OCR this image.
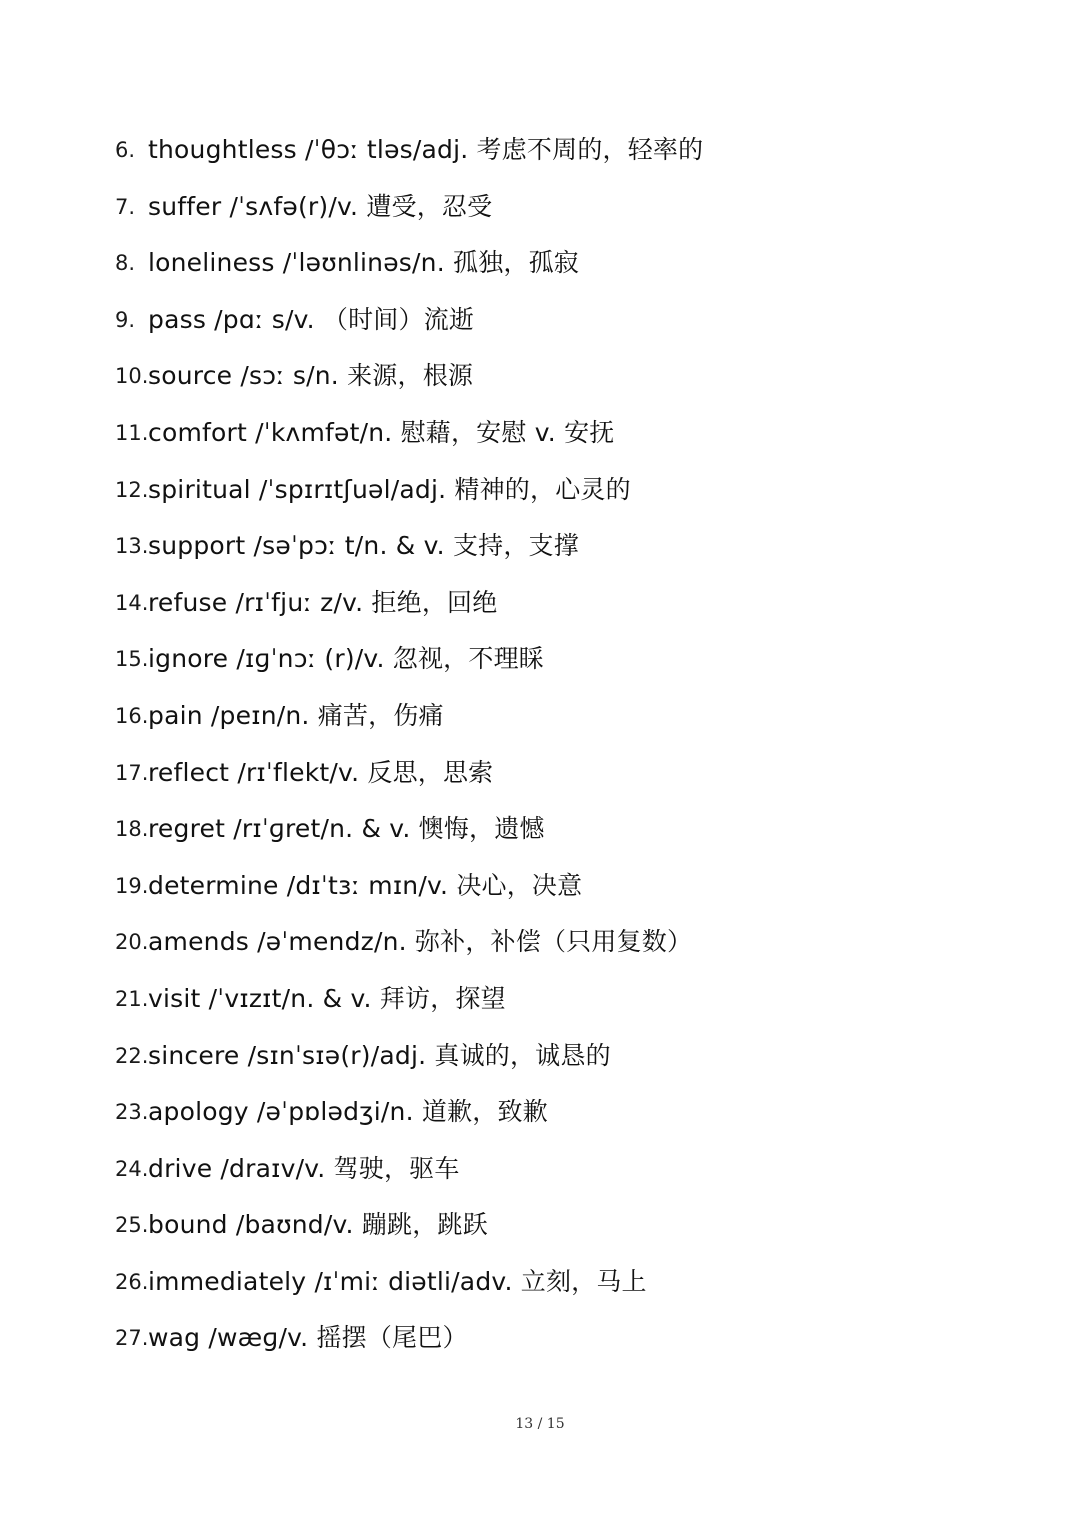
6. thoughtless /ˈθɔː tləs/adj. 考虑不周的，轻率的
7. suffer /ˈsʌfə(r)/v. 遭受，忍受
8. loneliness /ˈləʊnlinəs/n. 孤独，孤寂
9. pass /pɑː s/v. （时间）流逝
10. source /sɔː s/n. 来源，根源
11. comfort /ˈkʌmfət/n. 慰藉，安慰 v. 安抚
12. spiritual /ˈspɪrɪtʃuəl/adj. 精神的，心灵的
13. support /səˈpɔː t/n. & v. 支持，支撑
14. refuse /rɪˈfjuː z/v. 拒绝，回绝
15. ignore /ɪɡˈnɔː (r)/v. 忽视，不理睬
16. pain /peɪn/n. 痛苦，伤痛
17. reflect /rɪˈflekt/v. 反思，思索
18. regret /rɪˈɡret/n. & v. 懊悔，遗憾
19. determine /dɪˈtɜː mɪn/v. 决心，决意
20. amends /əˈmendz/n. 弥补，补偿（只用复数）
21. visit /ˈvɪzɪt/n. & v. 拜访，探望
22. sincere /sɪnˈsɪə(r)/adj. 真诚的，诚恳的
23. apology /əˈpɒlədʒi/n. 道歉，致歉
24. drive /draɪv/v. 驾驶，驱车
25. bound /baʊnd/v. 蹦跳，跳跃
26. immediately /ɪˈmiː diətli/adv. 立刻，马上
27. wag /wæɡ/v. 摇摆（尾巴）
13 / 15
